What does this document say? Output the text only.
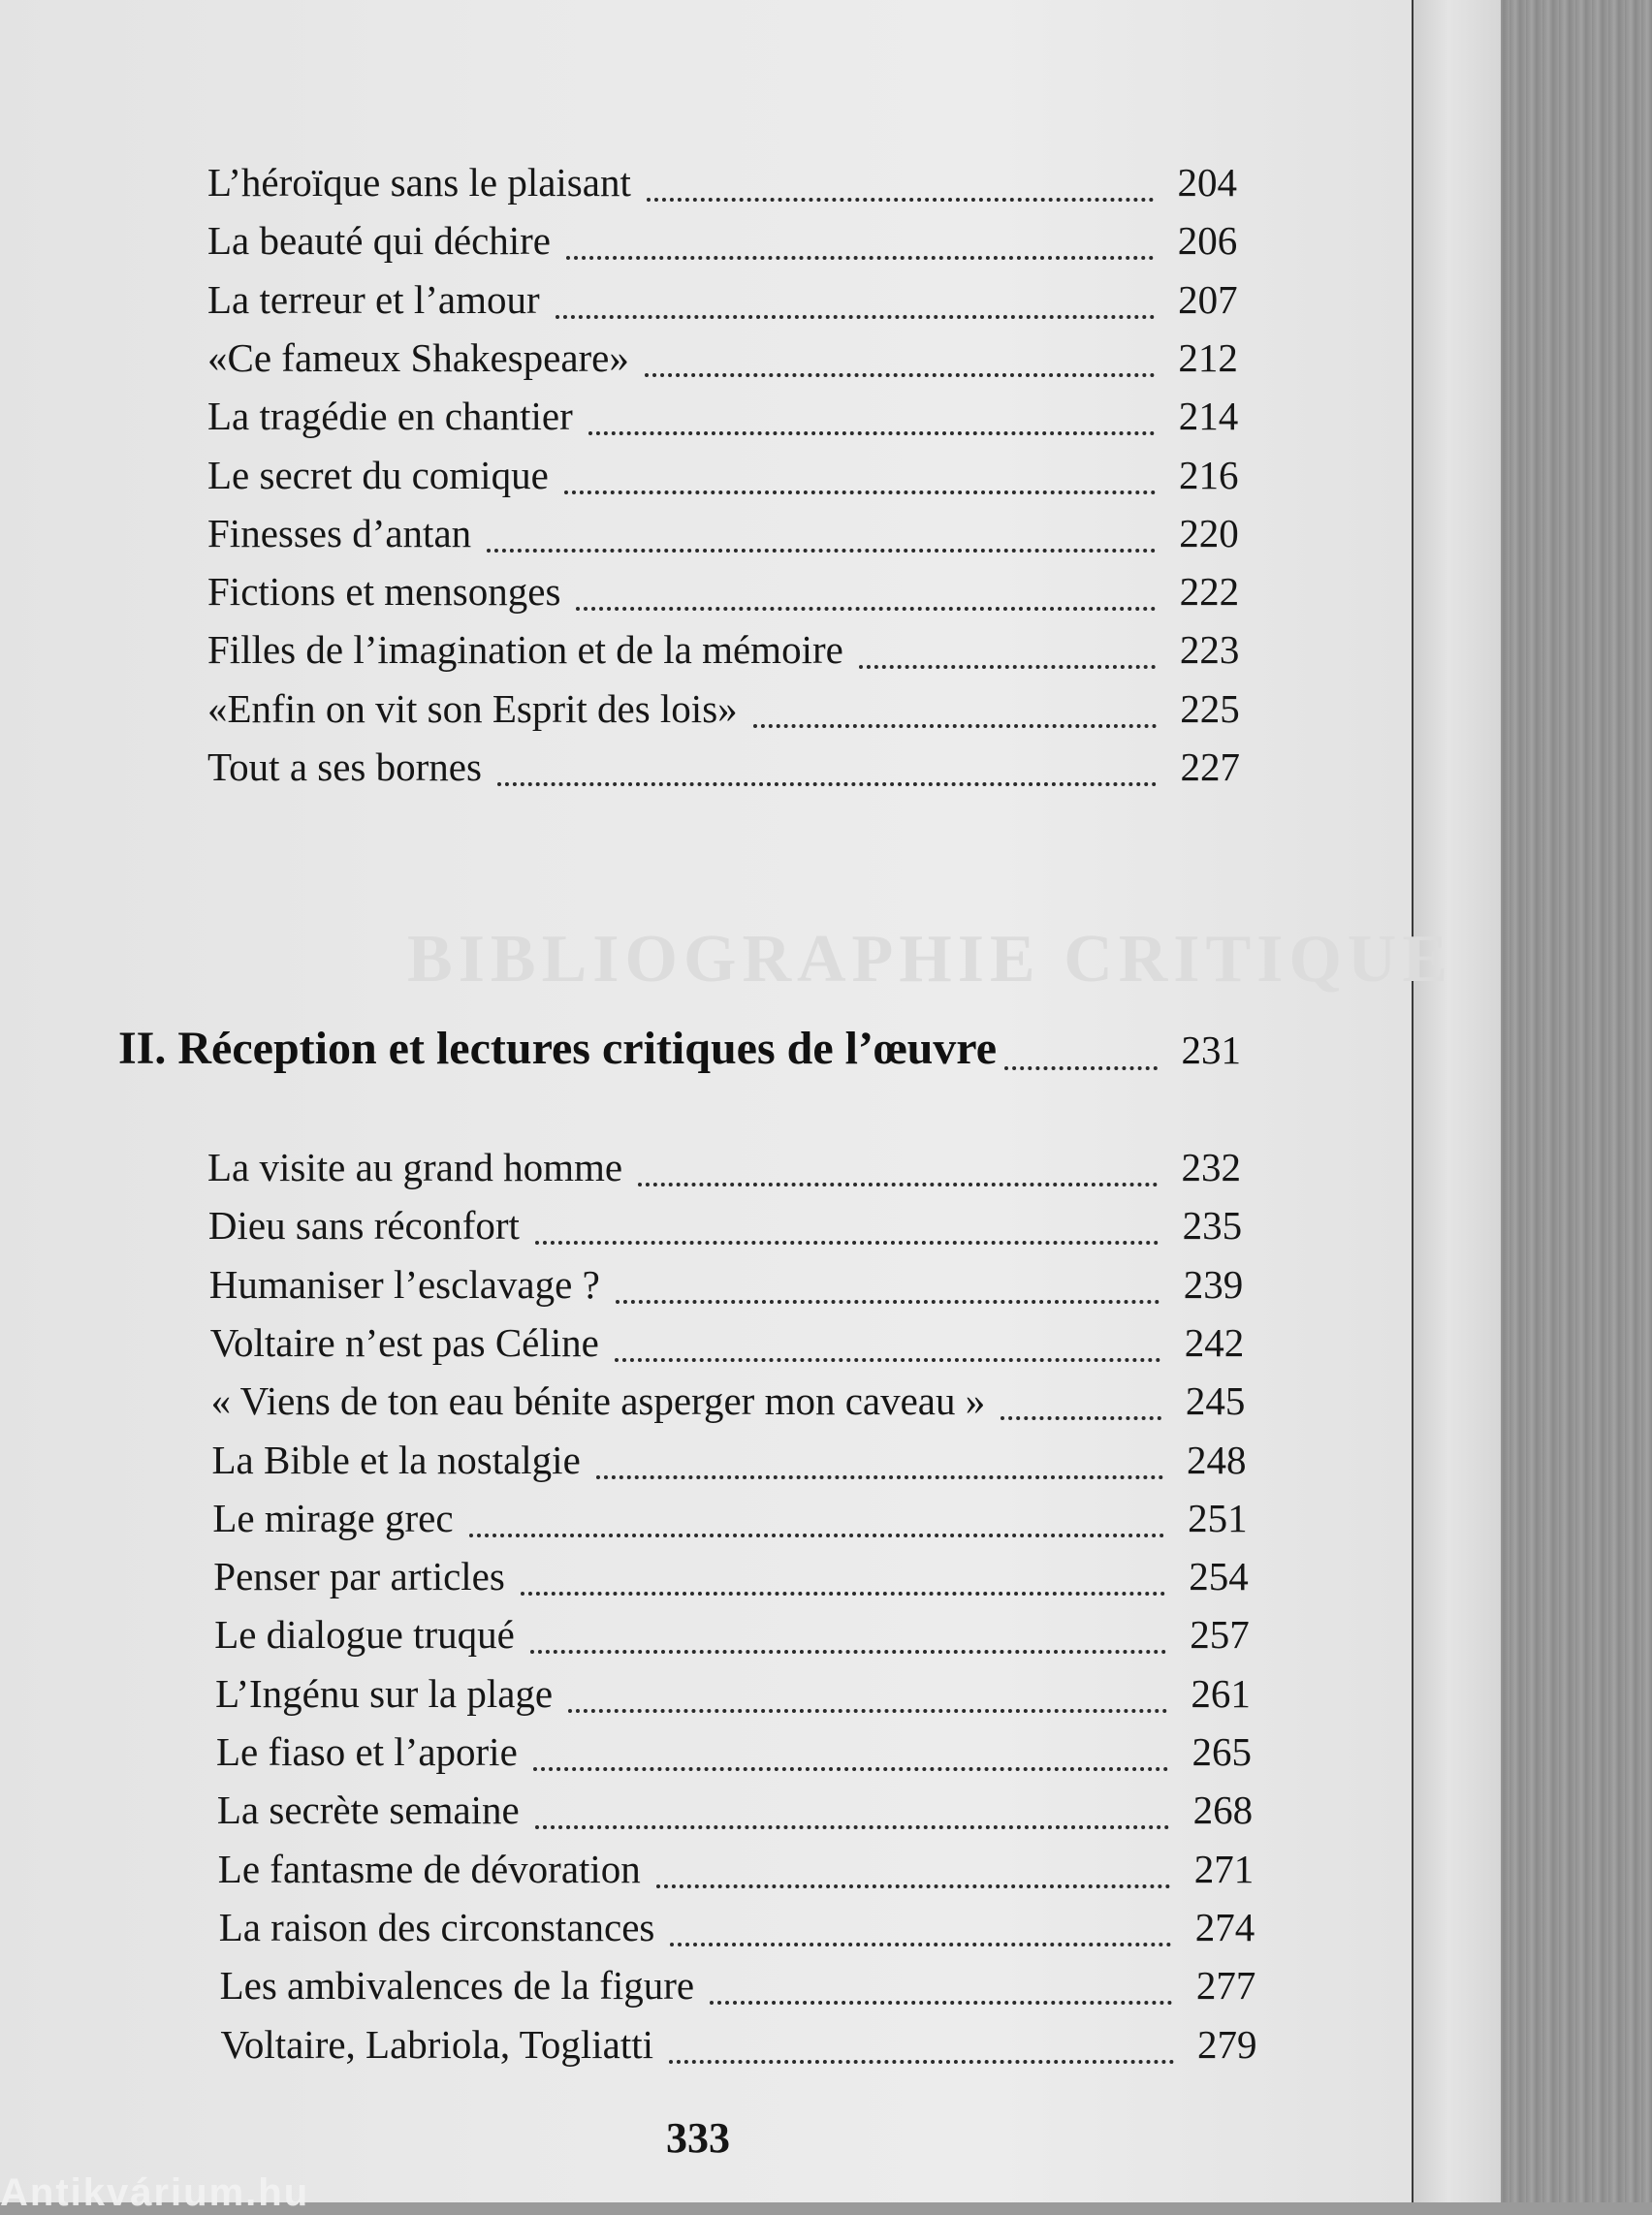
BIBLIOGRAPHIE CRITIQUE
L’héroïque sans le plaisant	204
La beauté qui déchire	206
La terreur et l’amour	207
«Ce fameux Shakespeare»	212
La tragédie en chantier	214
Le secret du comique	216
Finesses d’antan	220
Fictions et mensonges	222
Filles de l’imagination et de la mémoire	223
«Enfin on vit son Esprit des lois»	225
Tout a ses bornes	227
II. Réception et lectures critiques de l’œuvre	231
La visite au grand homme	232
Dieu sans réconfort	235
Humaniser l’esclavage ?	239
Voltaire n’est pas Céline	242
« Viens de ton eau bénite asperger mon caveau »	245
La Bible et la nostalgie	248
Le mirage grec	251
Penser par articles	254
Le dialogue truqué	257
L’Ingénu sur la plage	261
Le fiaso et l’aporie	265
La secrète semaine	268
Le fantasme de dévoration	271
La raison des circonstances	274
Les ambivalences de la figure	277
Voltaire, Labriola, Togliatti	279
333
Antikvárium.hu
